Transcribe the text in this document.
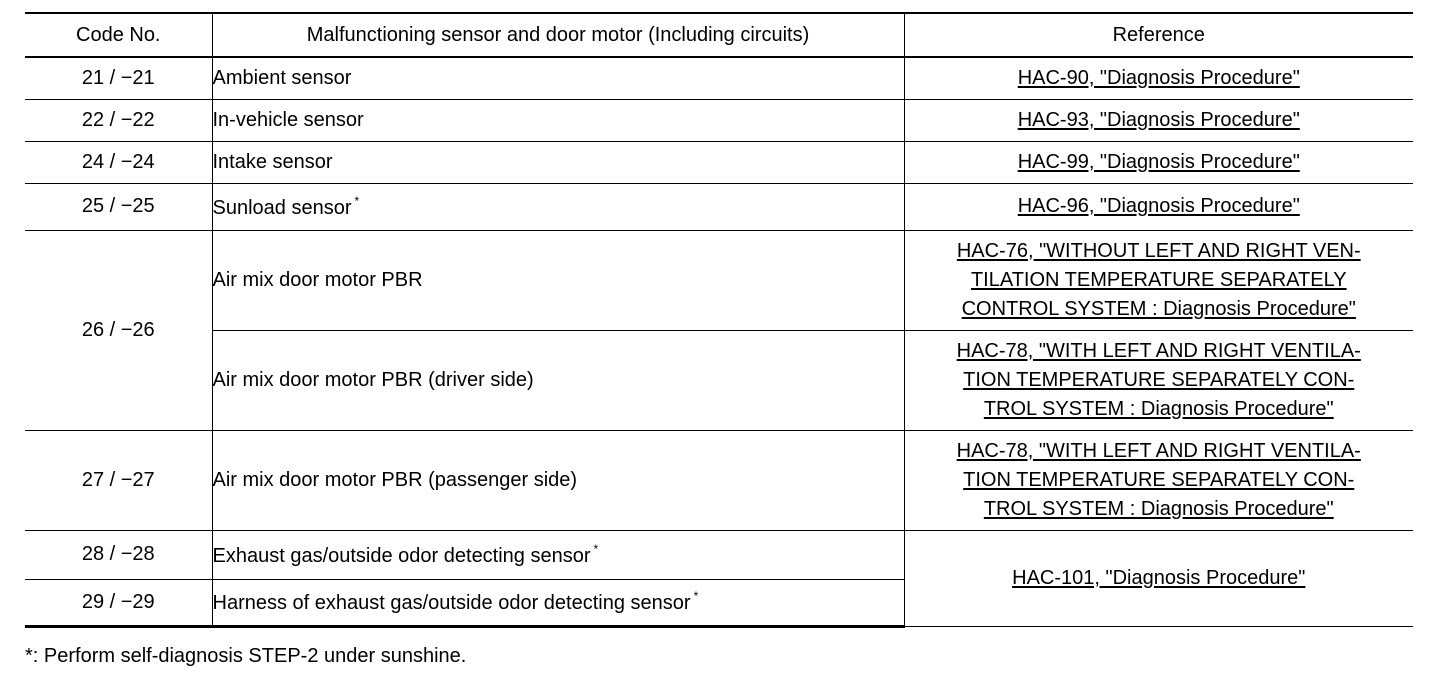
Code No.	Malfunctioning sensor and door motor (Including circuits)	Reference
21 / −21	Ambient sensor	HAC-90, "Diagnosis Procedure"
22 / −22	In-vehicle sensor	HAC-93, "Diagnosis Procedure"
24 / −24	Intake sensor	HAC-99, "Diagnosis Procedure"
25 / −25	Sunload sensor *	HAC-96, "Diagnosis Procedure"
26 / −26	Air mix door motor PBR	HAC-76, "WITHOUT LEFT AND RIGHT VEN-
TILATION TEMPERATURE SEPARATELY
CONTROL SYSTEM : Diagnosis Procedure"
	Air mix door motor PBR (driver side)	HAC-78, "WITH LEFT AND RIGHT VENTILA-
TION TEMPERATURE SEPARATELY CON-
TROL SYSTEM : Diagnosis Procedure"
27 / −27	Air mix door motor PBR (passenger side)	HAC-78, "WITH LEFT AND RIGHT VENTILA-
TION TEMPERATURE SEPARATELY CON-
TROL SYSTEM : Diagnosis Procedure"
28 / −28	Exhaust gas/outside odor detecting sensor *	HAC-101, "Diagnosis Procedure"
29 / −29	Harness of exhaust gas/outside odor detecting sensor *
*: Perform self-diagnosis STEP-2 under sunshine.
